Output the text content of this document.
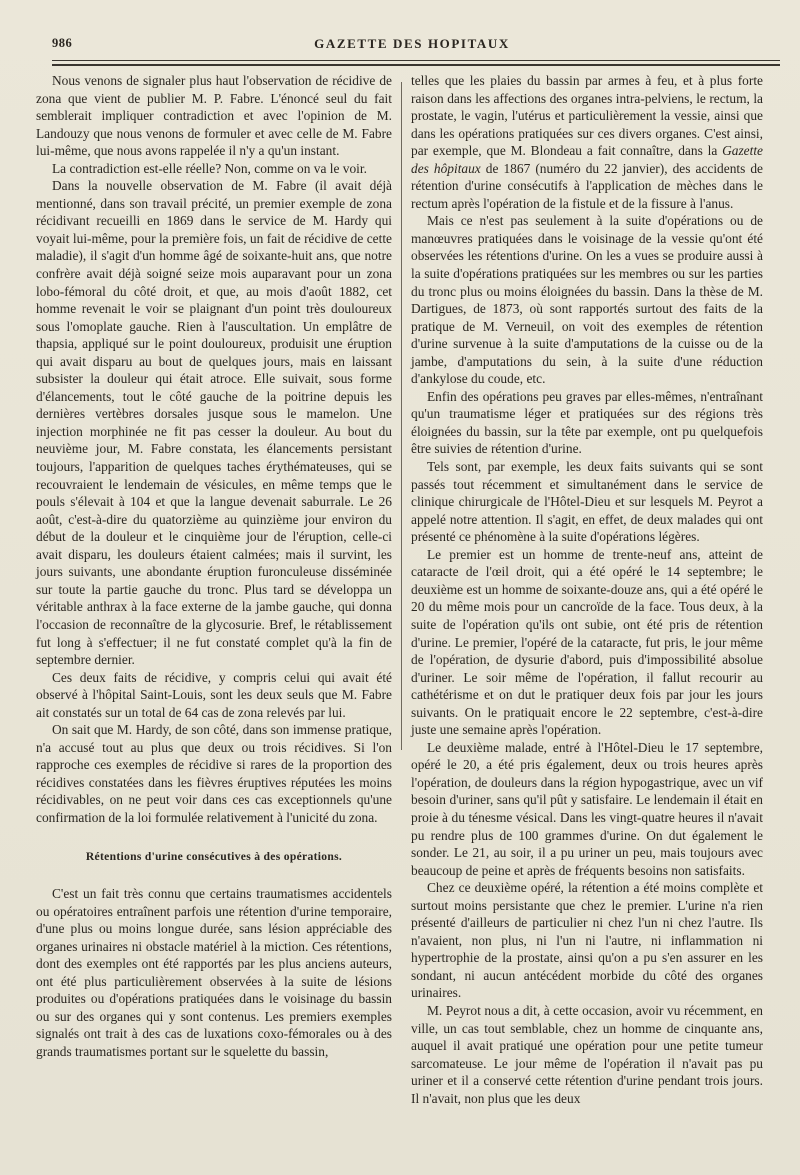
986	GAZETTE DES HOPITAUX

Nous venons de signaler plus haut l'observation de récidive de zona que vient de publier M. P. Fabre. L'énoncé seul du fait semblerait impliquer contradiction et avec l'opinion de M. Landouzy que nous venons de formuler et avec celle de M. Fabre lui-même, que nous avons rappelée il n'y a qu'un instant.

La contradiction est-elle réelle? Non, comme on va le voir.

Dans la nouvelle observation de M. Fabre (il avait déjà mentionné, dans son travail précité, un premier exemple de zona récidivant recueilli en 1869 dans le service de M. Hardy qui voyait lui-même, pour la première fois, un fait de récidive de cette maladie), il s'agit d'un homme âgé de soixante-huit ans, que notre confrère avait déjà soigné seize mois auparavant pour un zona lobo-fémoral du côté droit, et que, au mois d'août 1882, cet homme revenait le voir se plaignant d'un point très douloureux sous l'omoplate gauche. Rien à l'auscultation. Un emplâtre de thapsia, appliqué sur le point douloureux, produisit une éruption qui avait disparu au bout de quelques jours, mais en laissant subsister la douleur qui était atroce. Elle suivait, sous forme d'élancements, tout le côté gauche de la poitrine depuis les dernières vertèbres dorsales jusque sous le mamelon. Une injection morphinée ne fit pas cesser la douleur. Au bout du neuvième jour, M. Fabre constata, les élancements persistant toujours, l'apparition de quelques taches érythémateuses, qui se recouvraient le lendemain de vésicules, en même temps que le pouls s'élevait à 104 et que la langue devenait saburrale. Le 26 août, c'est-à-dire du quatorzième au quinzième jour environ du début de la douleur et le cinquième jour de l'éruption, celle-ci avait disparu, les douleurs étaient calmées; mais il survint, les jours suivants, une abondante éruption furonculeuse disséminée sur toute la partie gauche du tronc. Plus tard se développa un véritable anthrax à la face externe de la jambe gauche, qui donna l'occasion de reconnaître de la glycosurie. Bref, le rétablissement fut long à s'effectuer; il ne fut constaté complet qu'à la fin de septembre dernier.

Ces deux faits de récidive, y compris celui qui avait été observé à l'hôpital Saint-Louis, sont les deux seuls que M. Fabre ait constatés sur un total de 64 cas de zona relevés par lui.

On sait que M. Hardy, de son côté, dans son immense pratique, n'a accusé tout au plus que deux ou trois récidives. Si l'on rapproche ces exemples de récidive si rares de la proportion des récidives constatées dans les fièvres éruptives réputées les moins récidivables, on ne peut voir dans ces cas exceptionnels qu'une confirmation de la loi formulée relativement à l'unicité du zona.

Rétentions d'urine consécutives à des opérations.

C'est un fait très connu que certains traumatismes accidentels ou opératoires entraînent parfois une rétention d'urine temporaire, d'une plus ou moins longue durée, sans lésion appréciable des organes urinaires ni obstacle matériel à la miction. Ces rétentions, dont des exemples ont été rapportés par les plus anciens auteurs, ont été plus particulièrement observées à la suite de lésions produites ou d'opérations pratiquées dans le voisinage du bassin ou sur des organes qui y sont contenus. Les premiers exemples signalés ont trait à des cas de luxations coxo-fémorales ou à des grands traumatismes portant sur le squelette du bassin,

telles que les plaies du bassin par armes à feu, et à plus forte raison dans les affections des organes intra-pelviens, le rectum, la prostate, le vagin, l'utérus et particulièrement la vessie, ainsi que dans les opérations pratiquées sur ces divers organes. C'est ainsi, par exemple, que M. Blondeau a fait connaître, dans la Gazette des hôpitaux de 1867 (numéro du 22 janvier), des accidents de rétention d'urine consécutifs à l'application de mèches dans le rectum après l'opération de la fistule et de la fissure à l'anus.

Mais ce n'est pas seulement à la suite d'opérations ou de manœuvres pratiquées dans le voisinage de la vessie qu'ont été observées les rétentions d'urine. On les a vues se produire aussi à la suite d'opérations pratiquées sur les membres ou sur les parties du tronc plus ou moins éloignées du bassin. Dans la thèse de M. Dartigues, de 1873, où sont rapportés surtout des faits de la pratique de M. Verneuil, on voit des exemples de rétention d'urine survenue à la suite d'amputations de la cuisse ou de la jambe, d'amputations du sein, à la suite d'une réduction d'ankylose du coude, etc.

Enfin des opérations peu graves par elles-mêmes, n'entraînant qu'un traumatisme léger et pratiquées sur des régions très éloignées du bassin, sur la tête par exemple, ont pu quelquefois être suivies de rétention d'urine.

Tels sont, par exemple, les deux faits suivants qui se sont passés tout récemment et simultanément dans le service de clinique chirurgicale de l'Hôtel-Dieu et sur lesquels M. Peyrot a appelé notre attention. Il s'agit, en effet, de deux malades qui ont présenté ce phénomène à la suite d'opérations légères.

Le premier est un homme de trente-neuf ans, atteint de cataracte de l'œil droit, qui a été opéré le 14 septembre; le deuxième est un homme de soixante-douze ans, qui a été opéré le 20 du même mois pour un cancroïde de la face. Tous deux, à la suite de l'opération qu'ils ont subie, ont été pris de rétention d'urine. Le premier, l'opéré de la cataracte, fut pris, le jour même de l'opération, de dysurie d'abord, puis d'impossibilité absolue d'uriner. Le soir même de l'opération, il fallut recourir au cathétérisme et on dut le pratiquer deux fois par jour les jours suivants. On le pratiquait encore le 22 septembre, c'est-à-dire juste une semaine après l'opération.

Le deuxième malade, entré à l'Hôtel-Dieu le 17 septembre, opéré le 20, a été pris également, deux ou trois heures après l'opération, de douleurs dans la région hypogastrique, avec un vif besoin d'uriner, sans qu'il pût y satisfaire. Le lendemain il était en proie à du ténesme vésical. Dans les vingt-quatre heures il n'avait pu rendre plus de 100 grammes d'urine. On dut également le sonder. Le 21, au soir, il a pu uriner un peu, mais toujours avec beaucoup de peine et après de fréquents besoins non satisfaits.

Chez ce deuxième opéré, la rétention a été moins complète et surtout moins persistante que chez le premier. L'urine n'a rien présenté d'ailleurs de particulier ni chez l'un ni chez l'autre. Ils n'avaient, non plus, ni l'un ni l'autre, ni inflammation ni hypertrophie de la prostate, ainsi qu'on a pu s'en assurer en les sondant, ni aucun antécédent morbide du côté des organes urinaires.

M. Peyrot nous a dit, à cette occasion, avoir vu récemment, en ville, un cas tout semblable, chez un homme de cinquante ans, auquel il avait pratiqué une opération pour une petite tumeur sarcomateuse. Le jour même de l'opération il n'avait pas pu uriner et il a conservé cette rétention d'urine pendant trois jours. Il n'avait, non plus que les deux
